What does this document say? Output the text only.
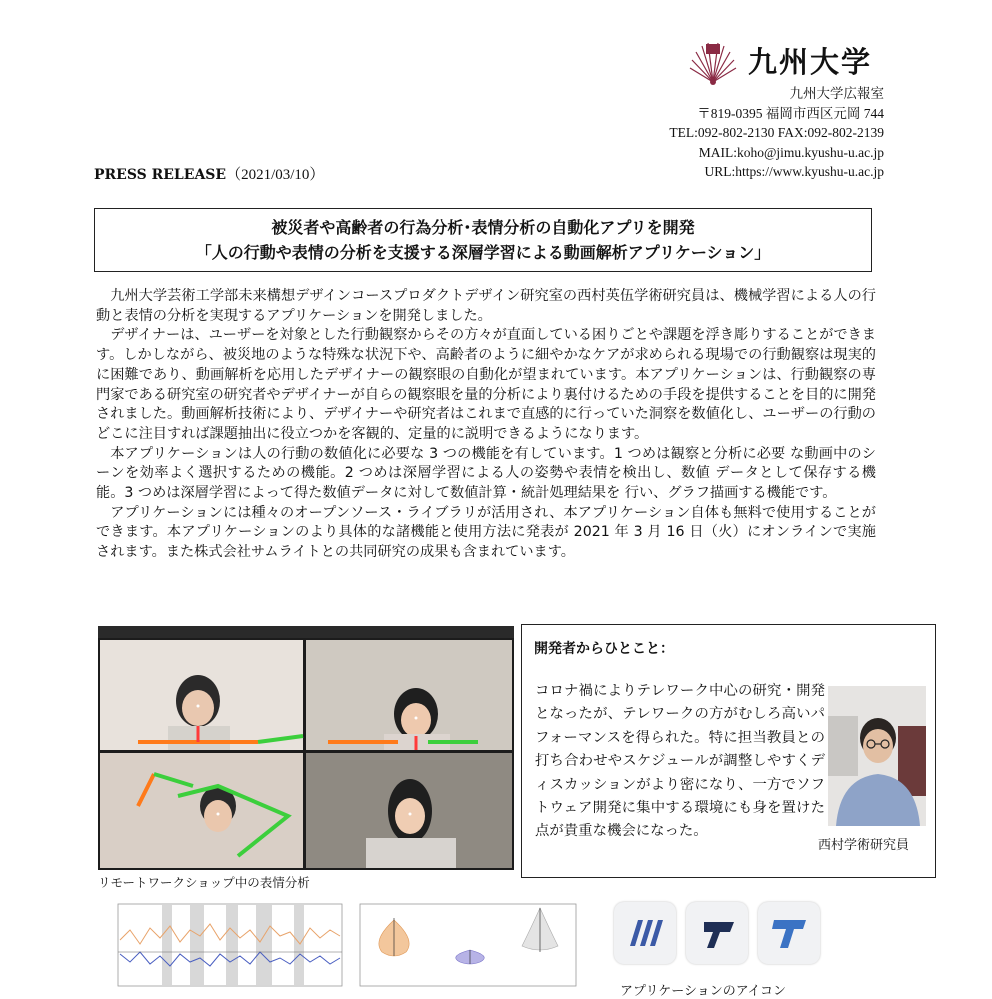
九州大学
九州大学広報室
〒819-0395 福岡市西区元岡 744
TEL:092-802-2130 FAX:092-802-2139
MAIL:koho@jimu.kyushu-u.ac.jp
URL:https://www.kyushu-u.ac.jp
PRESS RELEASE（2021/03/10）
被災者や高齢者の行為分析･表情分析の自動化アプリを開発
「人の行動や表情の分析を支援する深層学習による動画解析アプリケーション」

九州大学芸術工学部未来構想デザインコースプロダクトデザイン研究室の西村英伍学術研究員は、機械学習による人の行動と表情の分析を実現するアプリケーションを開発しました。

デザイナーは、ユーザーを対象とした行動観察からその方々が直面している困りごとや課題を浮き彫りすることができます。しかしながら、被災地のような特殊な状況下や、高齢者のように細やかなケアが求められる現場での行動観察は現実的に困難であり、動画解析を応用したデザイナーの観察眼の自動化が望まれています。本アプリケーションは、行動観察の専門家である研究室の研究者やデザイナーが自らの観察眼を量的分析により裏付けるための手段を提供することを目的に開発されました。動画解析技術により、デザイナーや研究者はこれまで直感的に行っていた洞察を数値化し、ユーザーの行動のどこに注目すれば課題抽出に役立つかを客観的、定量的に説明できるようになります。

本アプリケーションは人の行動の数値化に必要な 3 つの機能を有しています。1 つめは観察と分析に必要 な動画中のシーンを効率よく選択するための機能。2 つめは深層学習による人の姿勢や表情を検出し、数値 データとして保存する機能。3 つめは深層学習によって得た数値データに対して数値計算・統計処理結果を 行い、グラフ描画する機能です。

アプリケーションには種々のオープンソース・ライブラリが活用され、本アプリケーション自体も無料で使用することができます。本アプリケーションのより具体的な諸機能と使用方法に発表が 2021 年 3 月 16 日（火）にオンラインで実施されます。また株式会社サムライトとの共同研究の成果も含まれています。

リモートワークショップ中の表情分析
開発者からひとこと：
コロナ禍によりテレワーク中心の研究・開発となったが、テレワークの方がむしろ高いパフォーマンスを得られた。特に担当教員との打ち合わせやスケジュールが調整しやすくディスカッションがより密になり、一方でソフトウェア開発に集中する環境にも身を置けた点が貴重な機会になった。
西村学術研究員
アプリケーションのアイコン
